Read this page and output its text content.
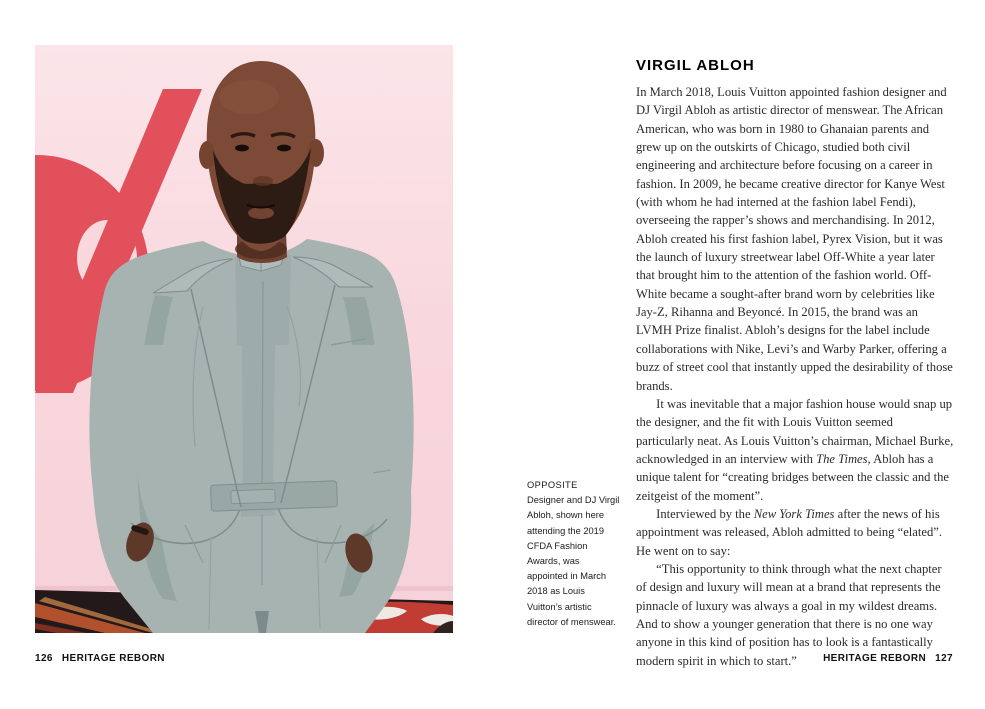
OPPOSITE
Designer and DJ Virgil Abloh, shown here attending the 2019 CFDA Fashion Awards, was appointed in March 2018 as Louis Vuitton’s artistic director of menswear.
VIRGIL ABLOH

In March 2018, Louis Vuitton appointed fashion designer and DJ Virgil Abloh as artistic director of menswear. The African American, who was born in 1980 to Ghanaian parents and grew up on the outskirts of Chicago, studied both civil engineering and architecture before focusing on a career in fashion. In 2009, he became creative director for Kanye West (with whom he had interned at the fashion label Fendi), overseeing the rapper’s shows and merchandising. In 2012, Abloh created his first fashion label, Pyrex Vision, but it was the launch of luxury streetwear label Off-White a year later that brought him to the attention of the fashion world. Off-White became a sought-after brand worn by celebrities like Jay-Z, Rihanna and Beyoncé. In 2015, the brand was an LVMH Prize finalist. Abloh’s designs for the label include collaborations with Nike, Levi’s and Warby Parker, offering a buzz of street cool that instantly upped the desirability of those brands.

It was inevitable that a major fashion house would snap up the designer, and the fit with Louis Vuitton seemed particularly neat. As Louis Vuitton’s chairman, Michael Burke, acknowledged in an interview with The Times, Abloh has a unique talent for “creating bridges between the classic and the zeitgeist of the moment”.

Interviewed by the New York Times after the news of his appointment was released, Abloh admitted to being “elated”. He went on to say:

“This opportunity to think through what the next chapter of design and luxury will mean at a brand that represents the pinnacle of luxury was always a goal in my wildest dreams. And to show a younger generation that there is no one way anyone in this kind of position has to look is a fantastically modern spirit in which to start.”

126 HERITAGE REBORN	HERITAGE REBORN 127
